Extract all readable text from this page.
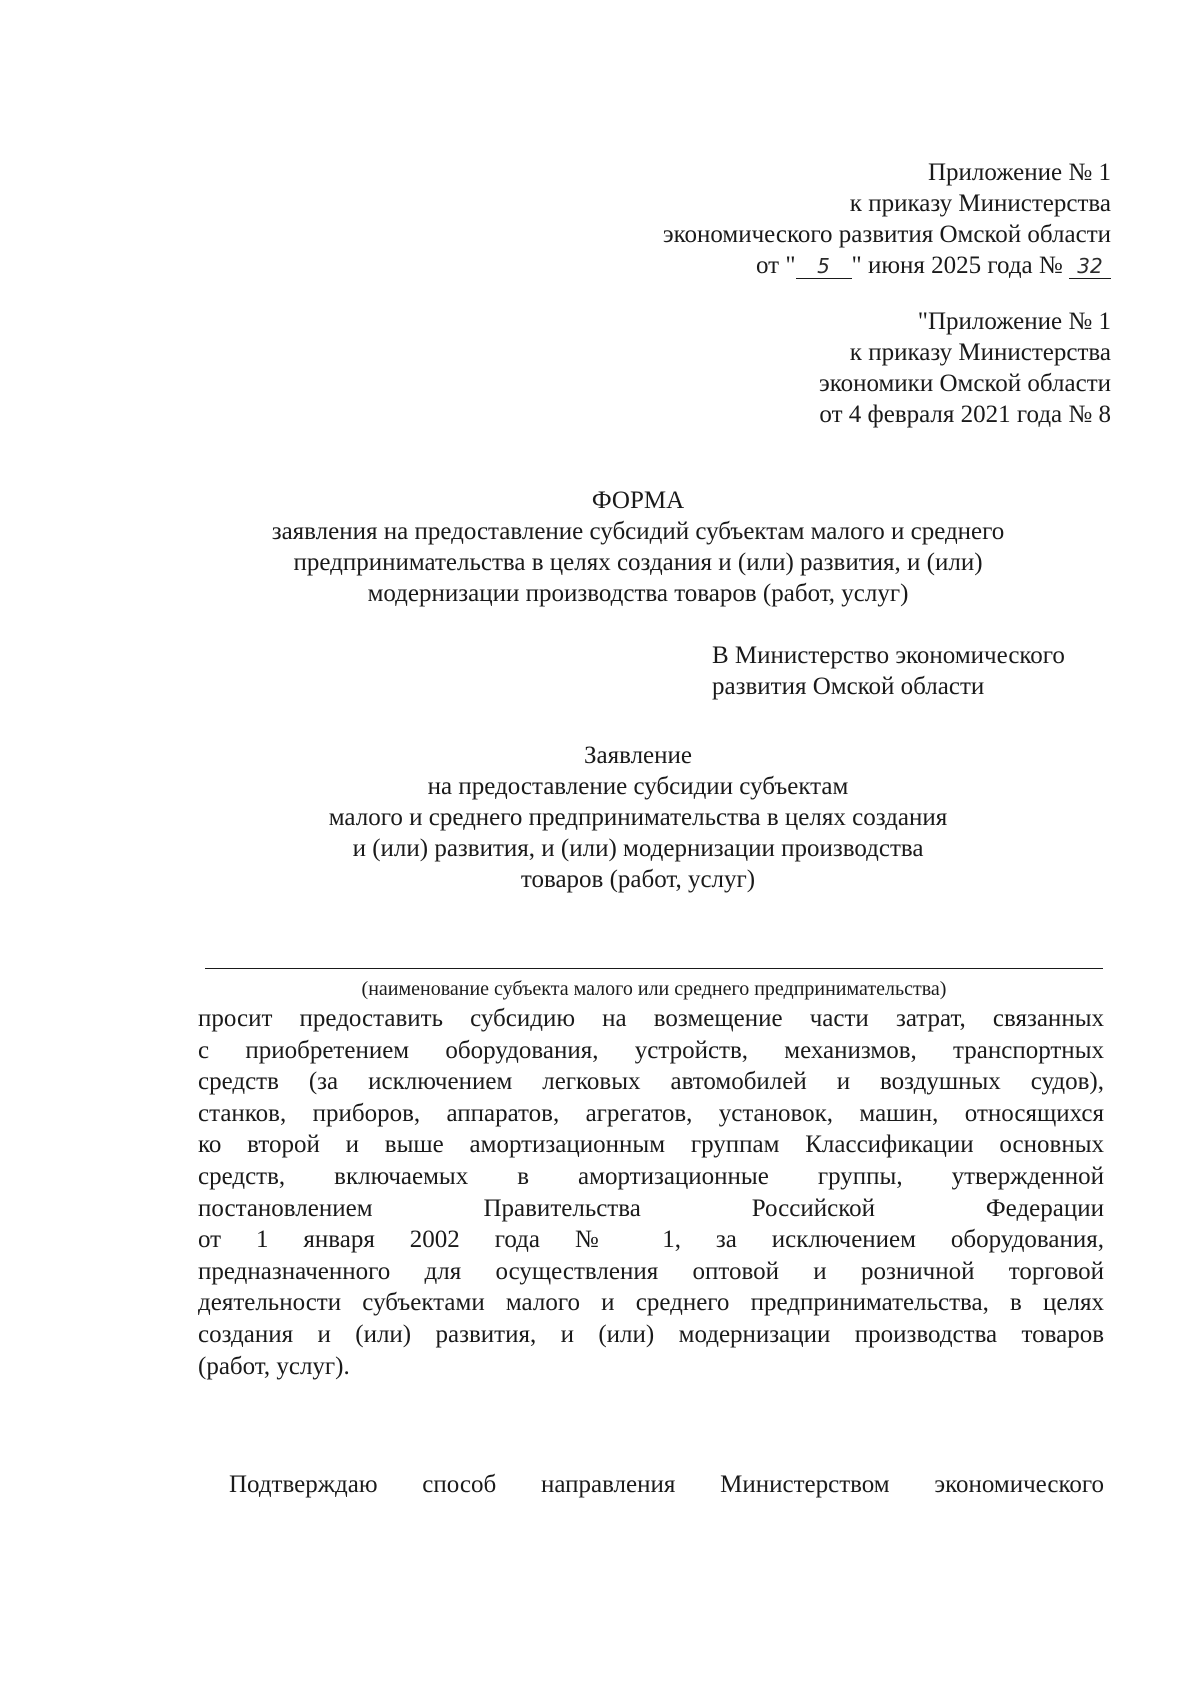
Приложение № 1
к приказу Министерства
экономического развития Омской области
от " 5 " июня 2025 года № 32
"Приложение № 1
к приказу Министерства
экономики Омской области
от 4 февраля 2021 года № 8
ФОРМА
заявления на предоставление субсидий субъектам малого и среднего
предпринимательства в целях создания и (или) развития, и (или)
модернизации производства товаров (работ, услуг)
В Министерство экономического
развития Омской области
Заявление
на предоставление субсидии субъектам
малого и среднего предпринимательства в целях создания
и (или) развития, и (или) модернизации производства
товаров (работ, услуг)
(наименование субъекта малого или среднего предпринимательства)
просит предоставить субсидию на возмещение части затрат, связанных
с приобретением оборудования, устройств, механизмов, транспортных
средств (за исключением легковых автомобилей и воздушных судов),
станков, приборов, аппаратов, агрегатов, установок, машин, относящихся
ко второй и выше амортизационным группам Классификации основных
средств, включаемых в амортизационные группы, утвержденной
постановлением Правительства Российской Федерации
от 1 января 2002 года № 1, за исключением оборудования,
предназначенного для осуществления оптовой и розничной торговой
деятельности субъектами малого и среднего предпринимательства, в целях
создания и (или) развития, и (или) модернизации производства товаров
(работ, услуг).
Подтверждаю способ направления Министерством экономического
